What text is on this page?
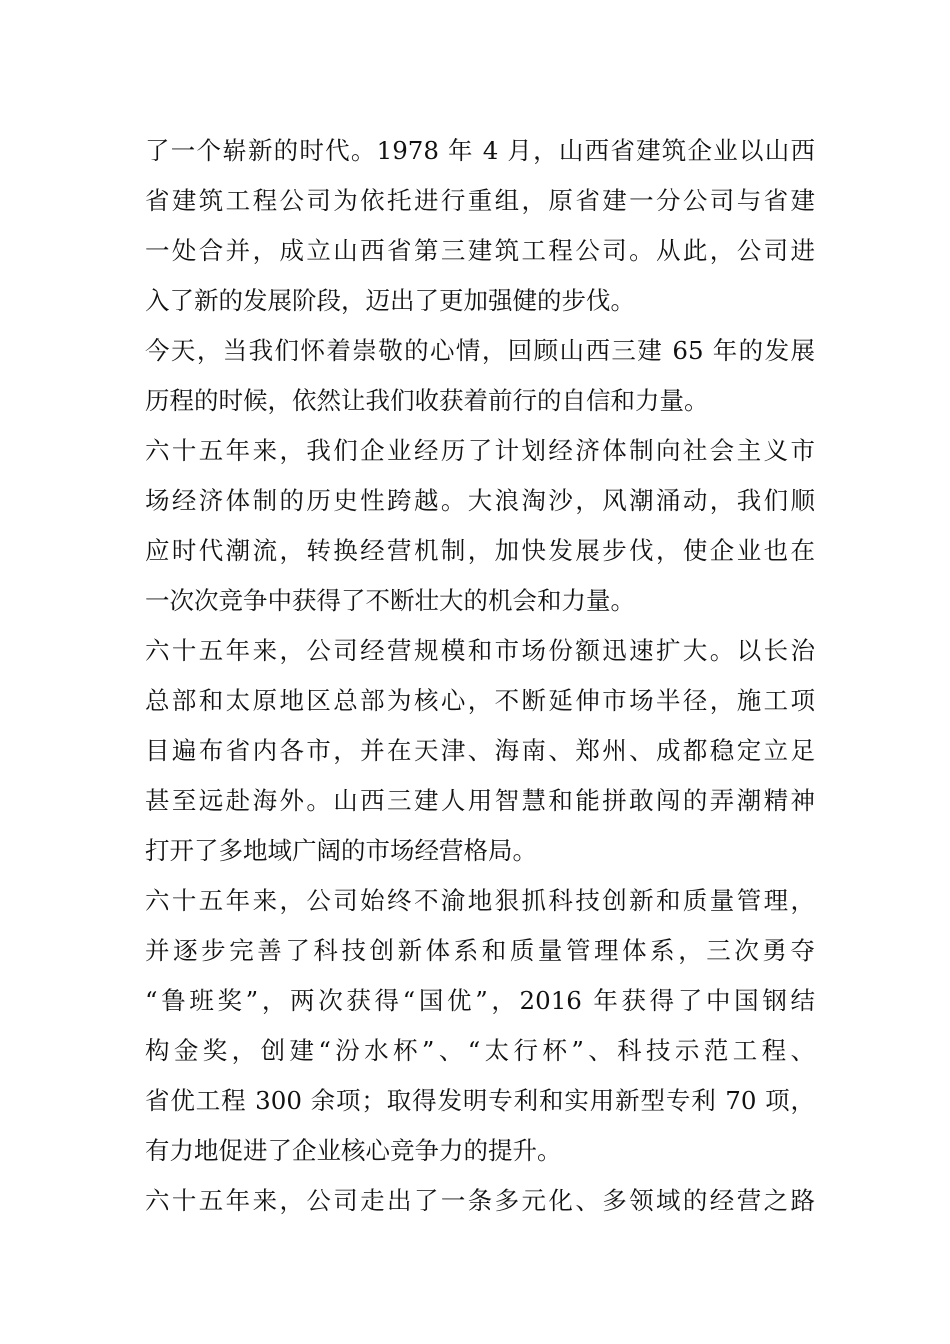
了一个崭新的时代。1978 年 4 月，山西省建筑企业以山西
省建筑工程公司为依托进行重组，原省建一分公司与省建
一处合并，成立山西省第三建筑工程公司。从此，公司进
入了新的发展阶段，迈出了更加强健的步伐。
今天，当我们怀着崇敬的心情，回顾山西三建 65 年的发展
历程的时候，依然让我们收获着前行的自信和力量。
六十五年来，我们企业经历了计划经济体制向社会主义市
场经济体制的历史性跨越。大浪淘沙，风潮涌动，我们顺
应时代潮流，转换经营机制，加快发展步伐，使企业也在
一次次竞争中获得了不断壮大的机会和力量。
六十五年来，公司经营规模和市场份额迅速扩大。以长治
总部和太原地区总部为核心，不断延伸市场半径，施工项
目遍布省内各市，并在天津、海南、郑州、成都稳定立足
甚至远赴海外。山西三建人用智慧和能拼敢闯的弄潮精神
打开了多地域广阔的市场经营格局。
六十五年来，公司始终不渝地狠抓科技创新和质量管理，
并逐步完善了科技创新体系和质量管理体系，三次勇夺
“鲁班奖”，两次获得“国优”，2016 年获得了中国钢结
构金奖，创建“汾水杯”、“太行杯”、科技示范工程、
省优工程 300 余项；取得发明专利和实用新型专利 70 项，
有力地促进了企业核心竞争力的提升。
六十五年来，公司走出了一条多元化、多领域的经营之路
